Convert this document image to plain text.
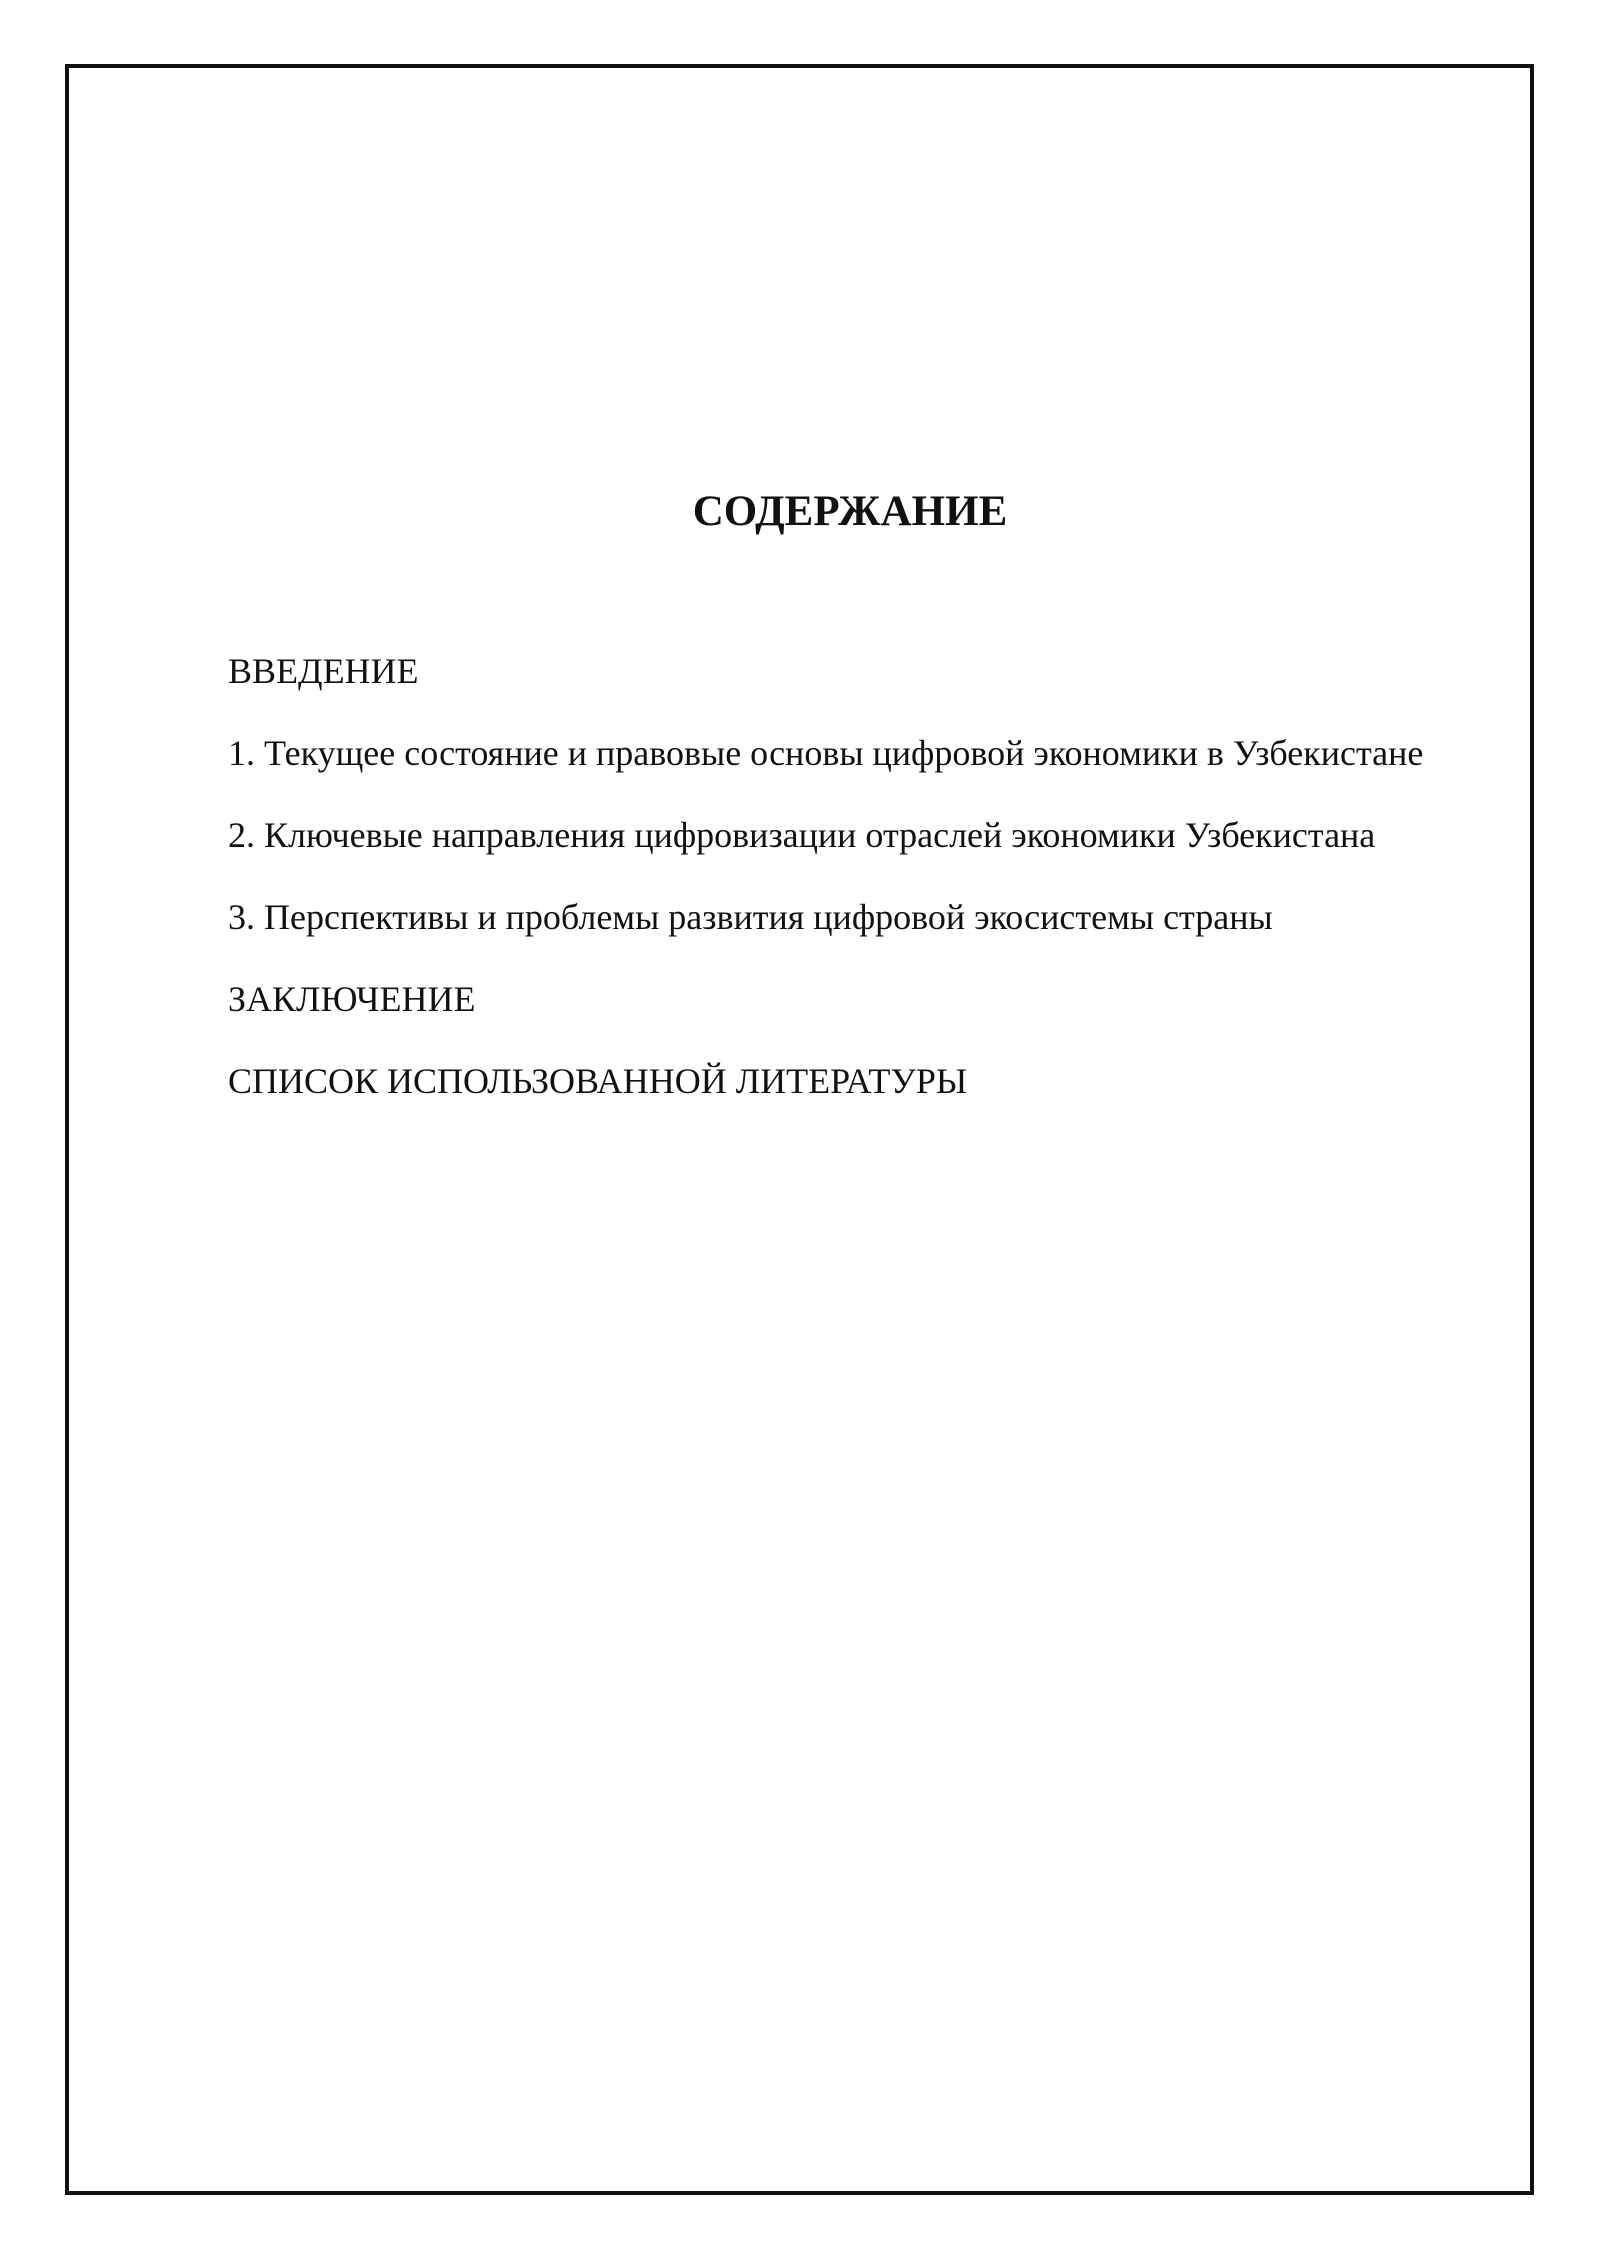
СОДЕРЖАНИЕ
ВВЕДЕНИЕ
1. Текущее состояние и правовые основы цифровой экономики в Узбекистане
2. Ключевые направления цифровизации отраслей экономики Узбекистана
3. Перспективы и проблемы развития цифровой экосистемы страны
ЗАКЛЮЧЕНИЕ
СПИСОК ИСПОЛЬЗОВАННОЙ ЛИТЕРАТУРЫ
